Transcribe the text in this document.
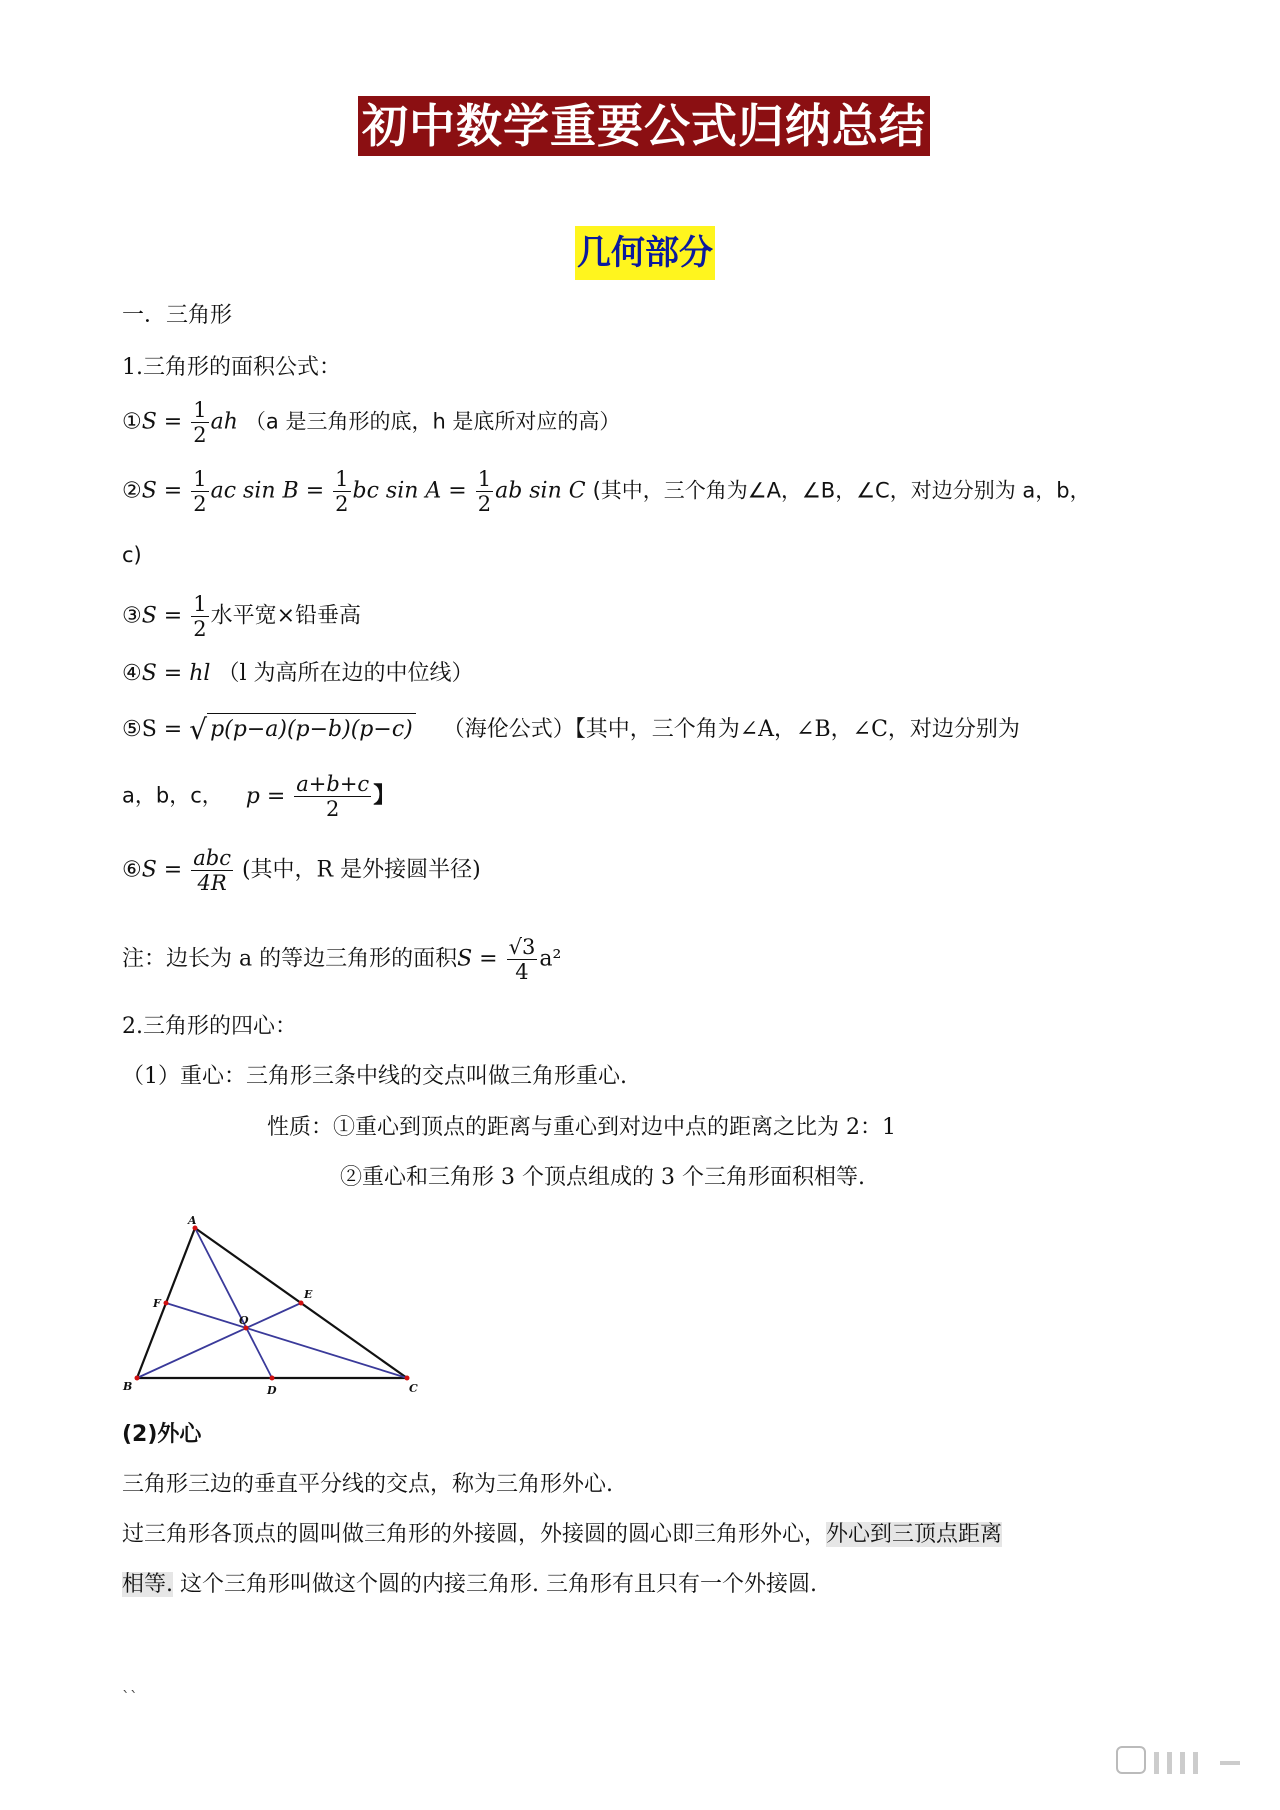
初中数学重要公式归纳总结
几何部分
一．三角形
1.三角形的面积公式：
①S = $\frac{1}{2}$ ah （a 是三角形的底，h 是底所对应的高）
②S = $\frac{1}{2}$ ac $\sin B = \frac{1}{2}$ bc $\sin A = \frac{1}{2}$ ab sin C (其中，三个角为∠A，∠B，∠C，对边分别为 a，b，
c)
③S = $\frac{1}{2}$ 水平宽×铅垂高
④S = hl （l 为高所在边的中位线）
⑤S = √ p(p−a)(p−b)(p−c) （海伦公式）【其中，三个角为∠A，∠B，∠C，对边分别为
a，b，c， $p = \frac{a+b+c}{2}$ 】
⑥S = $\frac{\text{abc}}{4R}$ (其中，R 是外接圆半径)
注：边长为 a 的等边三角形的面积$S = \frac{√3}{4} a^2$
2.三角形的四心：
（1）重心：三角形三条中线的交点叫做三角形重心.
性质：①重心到顶点的距离与重心到对边中点的距离之比为 2：1
②重心和三角形 3 个顶点组成的 3 个三角形面积相等.
A
B	C
D
E
F
O
(2)外心
三角形三边的垂直平分线的交点，称为三角形外心.
过三角形各顶点的圆叫做三角形的外接圆，外接圆的圆心即三角形外心，外心到三顶点距离
相等. 这个三角形叫做这个圆的内接三角形. 三角形有且只有一个外接圆.
``
